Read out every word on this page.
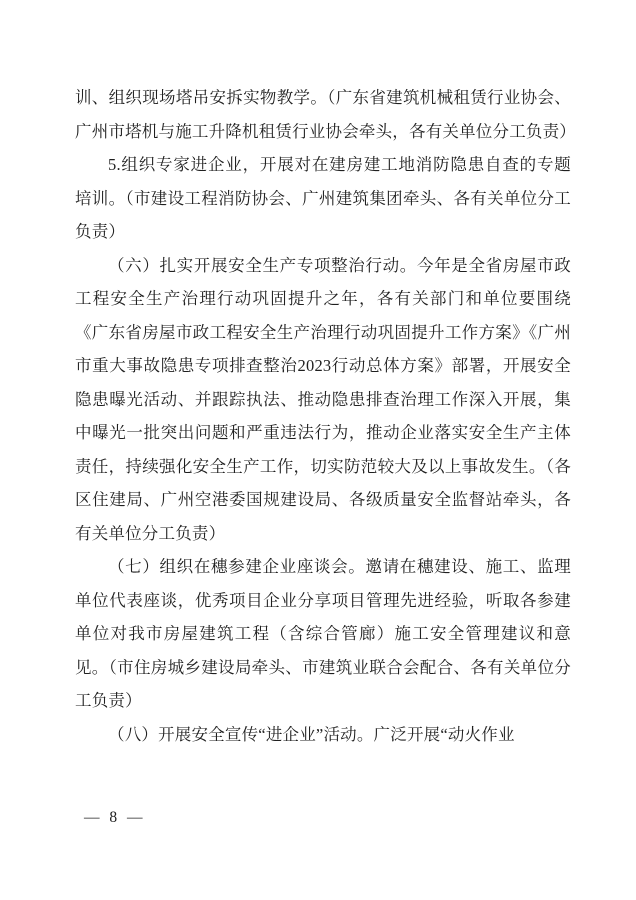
训、组织现场塔吊安拆实物教学。（广东省建筑机械租赁行业协会、广州市塔机与施工升降机租赁行业协会牵头，各有关单位分工负责）

5.组织专家进企业，开展对在建房建工地消防隐患自查的专题培训。（市建设工程消防协会、广州建筑集团牵头、各有关单位分工负责）

（六）扎实开展安全生产专项整治行动。今年是全省房屋市政工程安全生产治理行动巩固提升之年，各有关部门和单位要围绕《广东省房屋市政工程安全生产治理行动巩固提升工作方案》《广州市重大事故隐患专项排查整治2023行动总体方案》部署，开展安全隐患曝光活动、并跟踪执法、推动隐患排查治理工作深入开展，集中曝光一批突出问题和严重违法行为，推动企业落实安全生产主体责任，持续强化安全生产工作，切实防范较大及以上事故发生。（各区住建局、广州空港委国规建设局、各级质量安全监督站牵头，各有关单位分工负责）

（七）组织在穗参建企业座谈会。邀请在穗建设、施工、监理单位代表座谈，优秀项目企业分享项目管理先进经验，听取各参建单位对我市房屋建筑工程（含综合管廊）施工安全管理建议和意见。（市住房城乡建设局牵头、市建筑业联合会配合、各有关单位分工负责）

（八）开展安全宣传“进企业”活动。广泛开展“动火作业

— 8 —
